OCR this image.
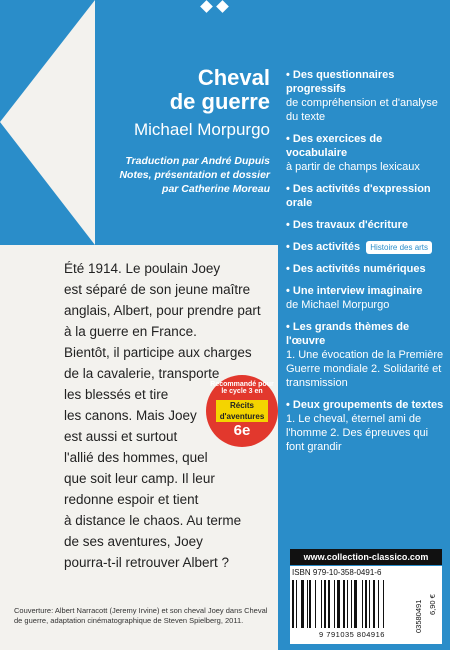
Cheval
de guerre
Michael Morpurgo
Traduction par André Dupuis
Notes, présentation et dossier
par Catherine Moreau
Été 1914. Le poulain Joey
est séparé de son jeune maître
anglais, Albert, pour prendre part
à la guerre en France.
Bientôt, il participe aux charges
de la cavalerie, transporte
les blessés et tire
les canons. Mais Joey
est aussi et surtout
l'allié des hommes, quel
que soit leur camp. Il leur
redonne espoir et tient
à distance le chaos. Au terme
de ses aventures, Joey
pourra-t-il retrouver Albert ?
Recommandé pour le cycle 3 en
Récits d'aventures
6e
Couverture: Albert Narracott (Jeremy Irvine) et son cheval Joey dans Cheval de guerre, adaptation cinématographique de Steven Spielberg, 2011.
• Des questionnaires progressifs
de compréhension et d'analyse du texte
• Des exercices de vocabulaire
à partir de champs lexicaux
• Des activités d'expression orale
• Des travaux d'écriture
• Des activités Histoire des arts
• Des activités numériques
• Une interview imaginaire
de Michael Morpurgo
• Les grands thèmes de l'œuvre
1. Une évocation de la Première Guerre mondiale 2. Solidarité et transmission
• Deux groupements de textes
1. Le cheval, éternel ami de l'homme 2. Des épreuves qui font grandir
www.collection-classico.com
ISBN 979-10-358-0491-6
9 791035 804916
03580491 6,90 €
